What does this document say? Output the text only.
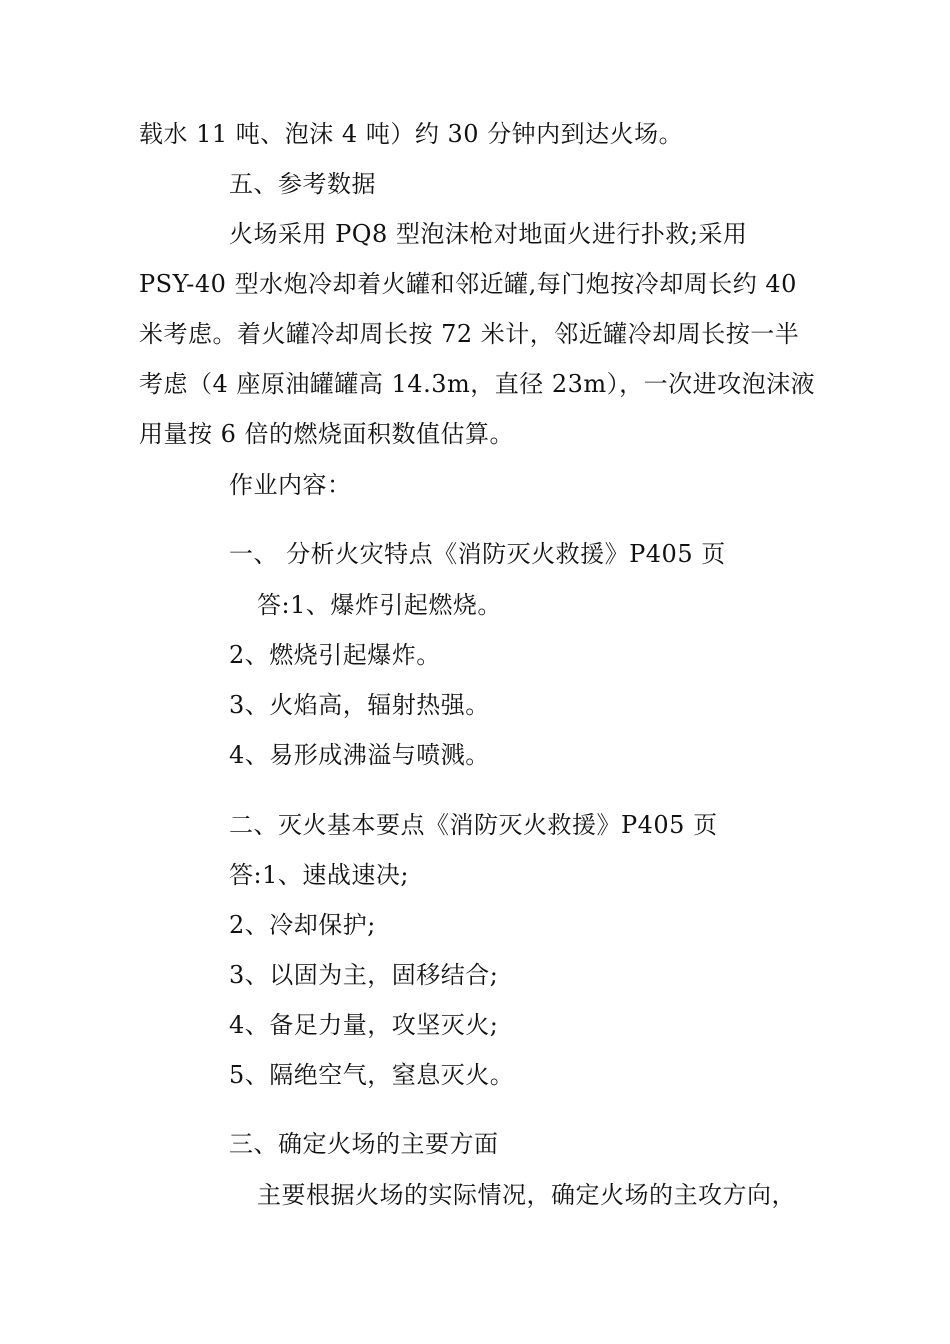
载水 11 吨、泡沫 4 吨）约 30 分钟内到达火场。
五、参考数据
火场采用 PQ8 型泡沫枪对地面火进行扑救;采用
PSY-40 型水炮冷却着火罐和邻近罐,每门炮按冷却周长约 40
米考虑。着火罐冷却周长按 72 米计，邻近罐冷却周长按一半
考虑（4 座原油罐罐高 14.3m，直径 23m），一次进攻泡沫液
用量按 6 倍的燃烧面积数值估算。
作业内容：
一、 分析火灾特点《消防灭火救援》P405 页
答:1、爆炸引起燃烧。
2、燃烧引起爆炸。
3、火焰高，辐射热强。
4、易形成沸溢与喷溅。
二、灭火基本要点《消防灭火救援》P405 页
答:1、速战速决;
2、冷却保护;
3、以固为主，固移结合;
4、备足力量，攻坚灭火;
5、隔绝空气，窒息灭火。
三、确定火场的主要方面
主要根据火场的实际情况，确定火场的主攻方向，
